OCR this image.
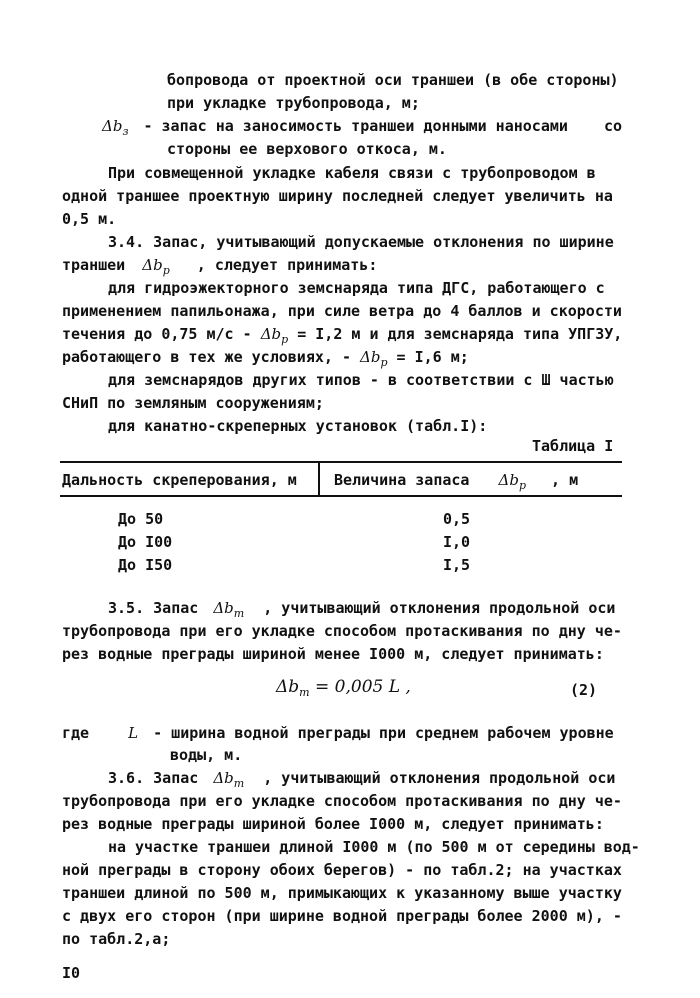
бопровода от проектной оси траншеи (в обе стороны)
при укладке трубопровода, м;
$\Delta b_з$ - запас на заносимость траншеи донными наносами со
стороны ее верхового откоса, м.
При совмещенной укладке кабеля связи с трубопроводом в
одной траншее проектную ширину последней следует увеличить на
0,5 м.
3.4. Запас, учитывающий допускаемые отклонения по ширине
траншеи $\Delta b_р$ , следует принимать:
для гидроэжекторного земснаряда типа ДГС, работающего с
применением папильонажа, при силе ветра до 4 баллов и скорости
течения до 0,75 $м/с - \Delta b_р = I,2$ м и для земснаряда типа УПГЗУ,
работающего в тех же условиях, - $\Delta b_р = I,6$ м;
для земснарядов других типов - в соответствии с Ш частью
СНиП по земляным сооружениям;
для канатно-скреперных установок (табл.I):
Таблица I
Дальность скреперования, м Величина запаса $\Delta b_р$ , м
До 50	0,5
До I00	I,0
До I50	I,5
3.5. Запас $\Delta b_т$ , учитывающий отклонения продольной оси
трубопровода при его укладке способом протаскивания по дну че-
рез водные преграды шириной менее I000 м, следует принимать:
$\Delta b_т = 0,005$ L ,	(2)
где	L - ширина водной преграды при среднем рабочем уровне
воды, м.
3.6. Запас $\Delta b_т$ , учитывающий отклонения продольной оси
трубопровода при его укладке способом протаскивания по дну че-
рез водные преграды шириной более I000 м, следует принимать:
на участке траншеи длиной I000 м (по 500 м от середины вод-
ной преграды в сторону обоих берегов) - по табл.2; на участках
траншеи длиной по 500 м, примыкающих к указанному выше участку
с двух его сторон (при ширине водной преграды более 2000 м), -
по табл.2,а;
I0
